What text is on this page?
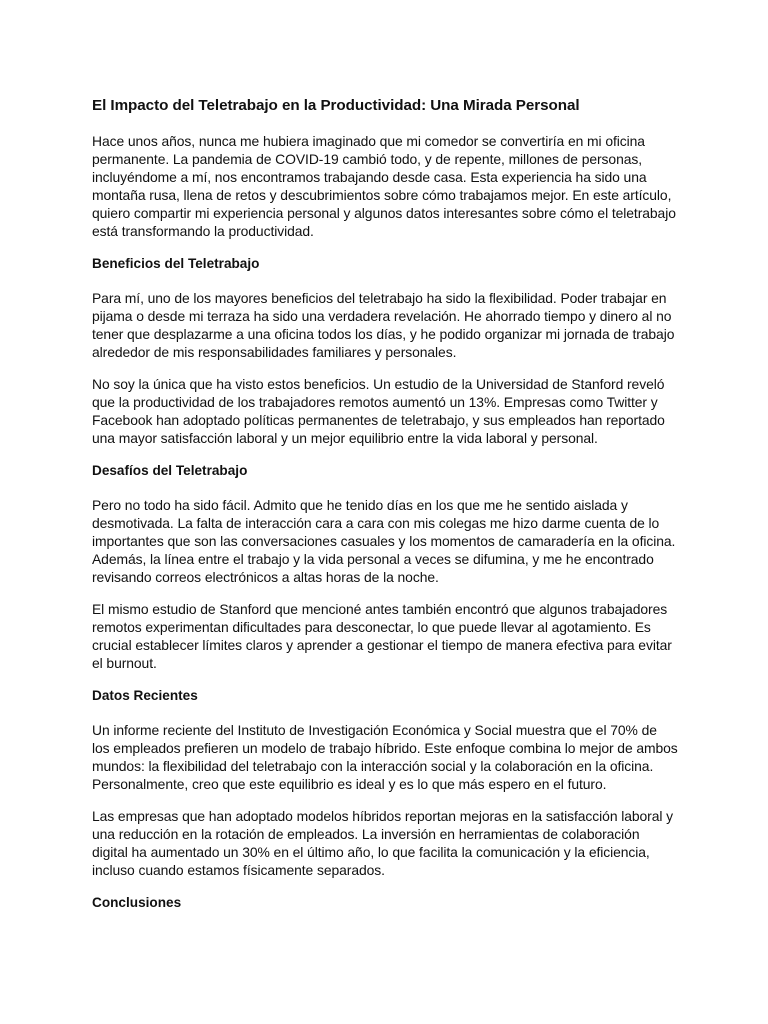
El Impacto del Teletrabajo en la Productividad: Una Mirada Personal

Hace unos años, nunca me hubiera imaginado que mi comedor se convertiría en mi oficina permanente. La pandemia de COVID-19 cambió todo, y de repente, millones de personas, incluyéndome a mí, nos encontramos trabajando desde casa. Esta experiencia ha sido una montaña rusa, llena de retos y descubrimientos sobre cómo trabajamos mejor. En este artículo, quiero compartir mi experiencia personal y algunos datos interesantes sobre cómo el teletrabajo está transformando la productividad.

Beneficios del Teletrabajo

Para mí, uno de los mayores beneficios del teletrabajo ha sido la flexibilidad. Poder trabajar en pijama o desde mi terraza ha sido una verdadera revelación. He ahorrado tiempo y dinero al no tener que desplazarme a una oficina todos los días, y he podido organizar mi jornada de trabajo alrededor de mis responsabilidades familiares y personales.

No soy la única que ha visto estos beneficios. Un estudio de la Universidad de Stanford reveló que la productividad de los trabajadores remotos aumentó un 13%. Empresas como Twitter y Facebook han adoptado políticas permanentes de teletrabajo, y sus empleados han reportado una mayor satisfacción laboral y un mejor equilibrio entre la vida laboral y personal.

Desafíos del Teletrabajo

Pero no todo ha sido fácil. Admito que he tenido días en los que me he sentido aislada y desmotivada. La falta de interacción cara a cara con mis colegas me hizo darme cuenta de lo importantes que son las conversaciones casuales y los momentos de camaradería en la oficina. Además, la línea entre el trabajo y la vida personal a veces se difumina, y me he encontrado revisando correos electrónicos a altas horas de la noche.

El mismo estudio de Stanford que mencioné antes también encontró que algunos trabajadores remotos experimentan dificultades para desconectar, lo que puede llevar al agotamiento. Es crucial establecer límites claros y aprender a gestionar el tiempo de manera efectiva para evitar el burnout.

Datos Recientes

Un informe reciente del Instituto de Investigación Económica y Social muestra que el 70% de los empleados prefieren un modelo de trabajo híbrido. Este enfoque combina lo mejor de ambos mundos: la flexibilidad del teletrabajo con la interacción social y la colaboración en la oficina. Personalmente, creo que este equilibrio es ideal y es lo que más espero en el futuro.

Las empresas que han adoptado modelos híbridos reportan mejoras en la satisfacción laboral y una reducción en la rotación de empleados. La inversión en herramientas de colaboración digital ha aumentado un 30% en el último año, lo que facilita la comunicación y la eficiencia, incluso cuando estamos físicamente separados.

Conclusiones
